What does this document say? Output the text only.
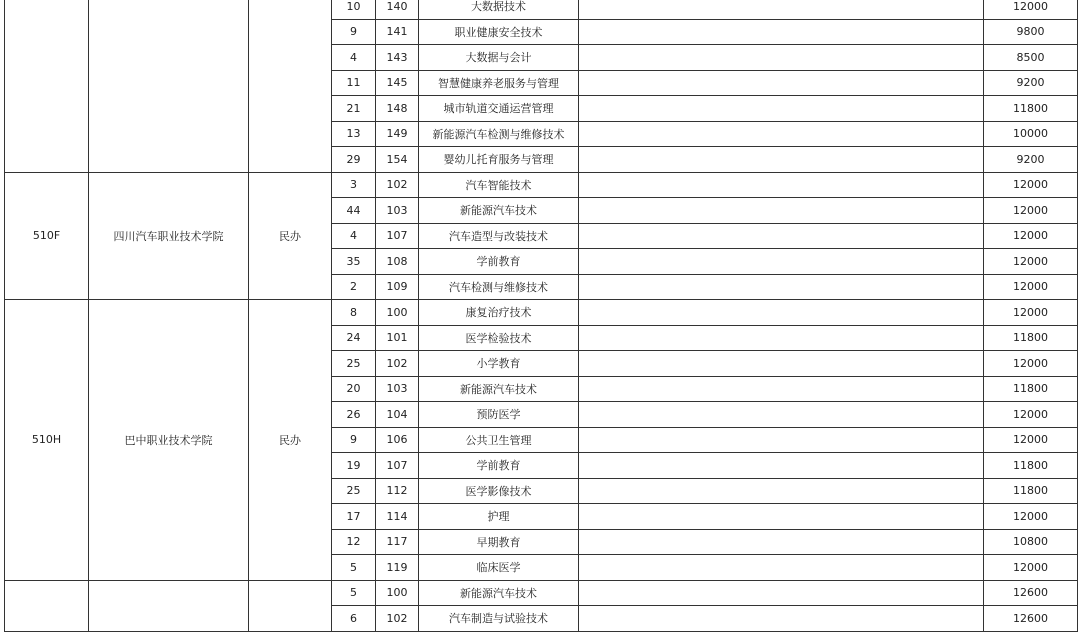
			10	140	大数据技术		12000
			9	141	职业健康安全技术		9800
			4	143	大数据与会计		8500
			11	145	智慧健康养老服务与管理		9200
			21	148	城市轨道交通运营管理		11800
			13	149	新能源汽车检测与维修技术		10000
			29	154	婴幼儿托育服务与管理		9200
510F	四川汽车职业技术学院	民办	3	102	汽车智能技术		12000
			44	103	新能源汽车技术		12000
			4	107	汽车造型与改装技术		12000
			35	108	学前教育		12000
			2	109	汽车检测与维修技术		12000
510H	巴中职业技术学院	民办	8	100	康复治疗技术		12000
			24	101	医学检验技术		11800
			25	102	小学教育		12000
			20	103	新能源汽车技术		11800
			26	104	预防医学		12000
			9	106	公共卫生管理		12000
			19	107	学前教育		11800
			25	112	医学影像技术		11800
			17	114	护理		12000
			12	117	早期教育		10800
			5	119	临床医学		12000
			5	100	新能源汽车技术		12600
			6	102	汽车制造与试验技术		12600
